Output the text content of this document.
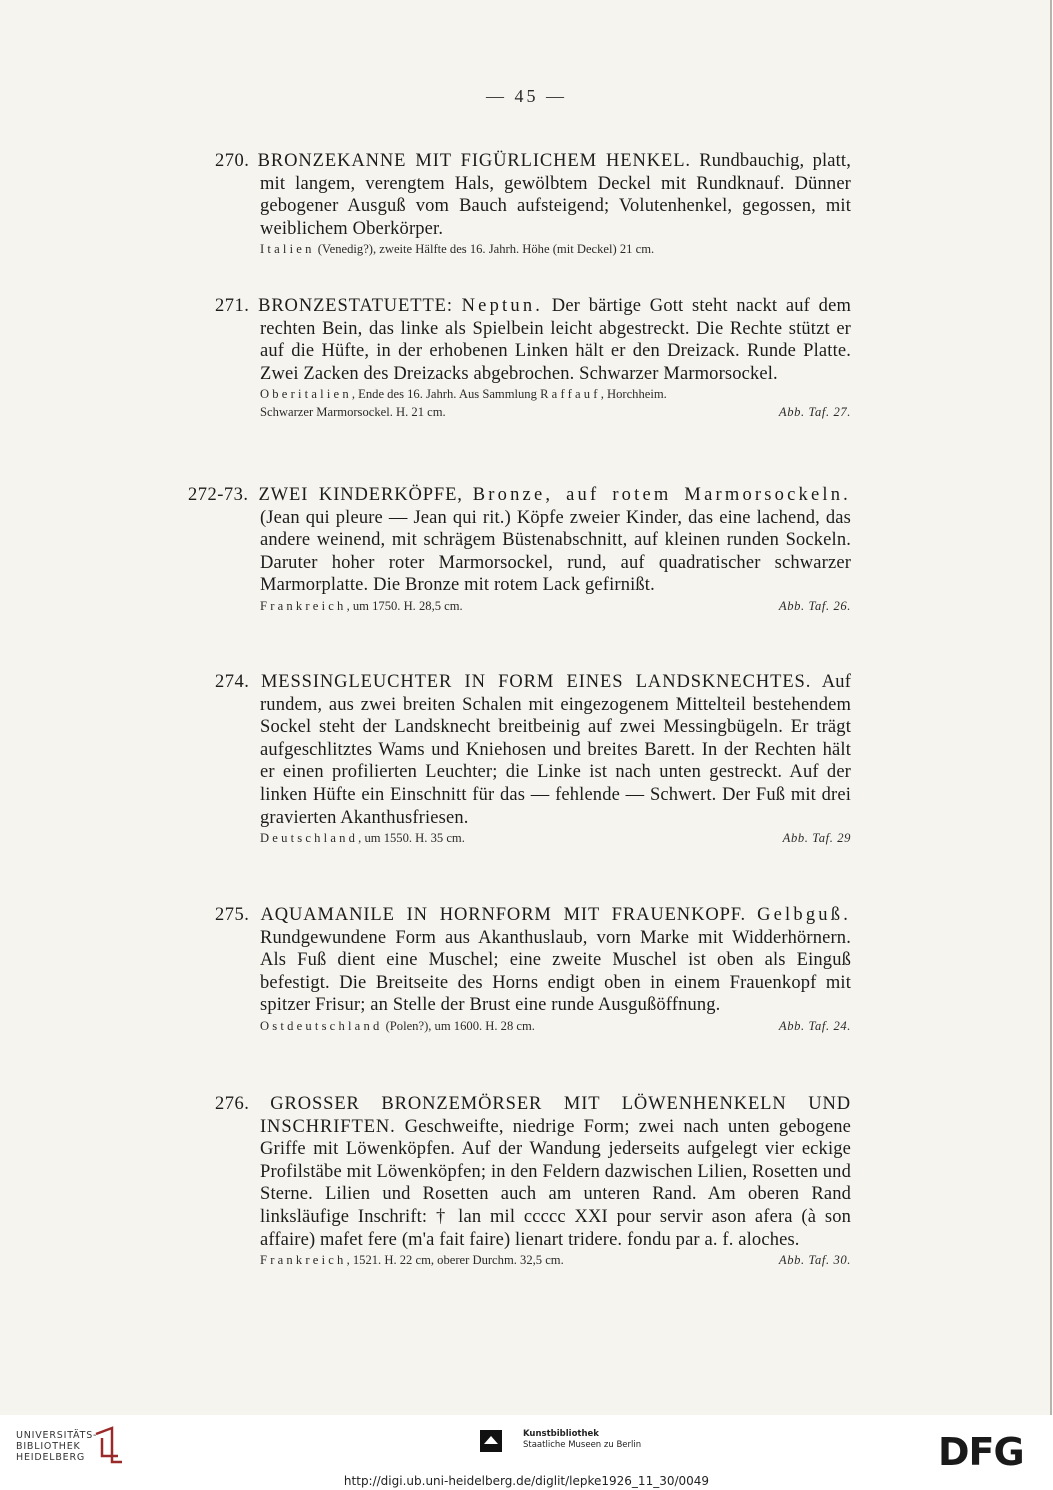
— 45 —

270. BRONZEKANNE MIT FIGÜRLICHEM HENKEL. Rundbauchig, platt, mit langem, verengtem Hals, gewölbtem Deckel mit Rundknauf. Dünner gebogener Ausguß vom Bauch aufsteigend; Volutenhenkel, gegossen, mit weiblichem Oberkörper.

Italien (Venedig?), zweite Hälfte des 16. Jahrh. Höhe (mit Deckel) 21 cm.

271. BRONZESTATUETTE: Neptun. Der bärtige Gott steht nackt auf dem rechten Bein, das linke als Spielbein leicht abgestreckt. Die Rechte stützt er auf die Hüfte, in der erhobenen Linken hält er den Dreizack. Runde Platte. Zwei Zacken des Dreizacks abgebrochen. Schwarzer Marmorsockel.

Oberitalien, Ende des 16. Jahrh. Aus Sammlung Raffauf, Horchheim.
Schwarzer Marmorsockel. H. 21 cm.	Abb. Taf. 27.

272-73. ZWEI KINDERKÖPFE, Bronze, auf rotem Marmorsockeln. (Jean qui pleure — Jean qui rit.) Köpfe zweier Kinder, das eine lachend, das andere weinend, mit schrägem Büstenabschnitt, auf kleinen runden Sockeln. Daruter hoher roter Marmorsockel, rund, auf quadratischer schwarzer Marmorplatte. Die Bronze mit rotem Lack gefirnißt.

Frankreich, um 1750. H. 28,5 cm.	Abb. Taf. 26.

274. MESSINGLEUCHTER IN FORM EINES LANDSKNECHTES. Auf rundem, aus zwei breiten Schalen mit eingezogenem Mittelteil bestehendem Sockel steht der Landsknecht breitbeinig auf zwei Messingbügeln. Er trägt aufgeschlitztes Wams und Kniehosen und breites Barett. In der Rechten hält er einen profilierten Leuchter; die Linke ist nach unten gestreckt. Auf der linken Hüfte ein Einschnitt für das — fehlende — Schwert. Der Fuß mit drei gravierten Akanthusfriesen.

Deutschland, um 1550. H. 35 cm.	Abb. Taf. 29

275. AQUAMANILE IN HORNFORM MIT FRAUENKOPF. Gelbguß. Rundgewundene Form aus Akanthuslaub, vorn Marke mit Widderhörnern. Als Fuß dient eine Muschel; eine zweite Muschel ist oben als Einguß befestigt. Die Breitseite des Horns endigt oben in einem Frauenkopf mit spitzer Frisur; an Stelle der Brust eine runde Ausgußöffnung.

Ostdeutschland (Polen?), um 1600. H. 28 cm.	Abb. Taf. 24.

276. GROSSER BRONZEMÖRSER MIT LÖWENHENKELN UND INSCHRIFTEN. Geschweifte, niedrige Form; zwei nach unten gebogene Griffe mit Löwenköpfen. Auf der Wandung jederseits aufgelegt vier eckige Profilstäbe mit Löwenköpfen; in den Feldern dazwischen Lilien, Rosetten und Sterne. Lilien und Rosetten auch am unteren Rand. Am oberen Rand linksläufige Inschrift: † lan mil ccccc XXI pour servir ason afera (à son affaire) mafet fere (m'a fait faire) lienart tridere. fondu par a. f. aloches.

Frankreich, 1521. H. 22 cm, oberer Durchm. 32,5 cm.	Abb. Taf. 30.

UNIVERSITÄTS-
BIBLIOTHEK
HEIDELBERG
Kunstbibliothek
Staatliche Museen zu Berlin	DFG
http://digi.ub.uni-heidelberg.de/diglit/lepke1926_11_30/0049
